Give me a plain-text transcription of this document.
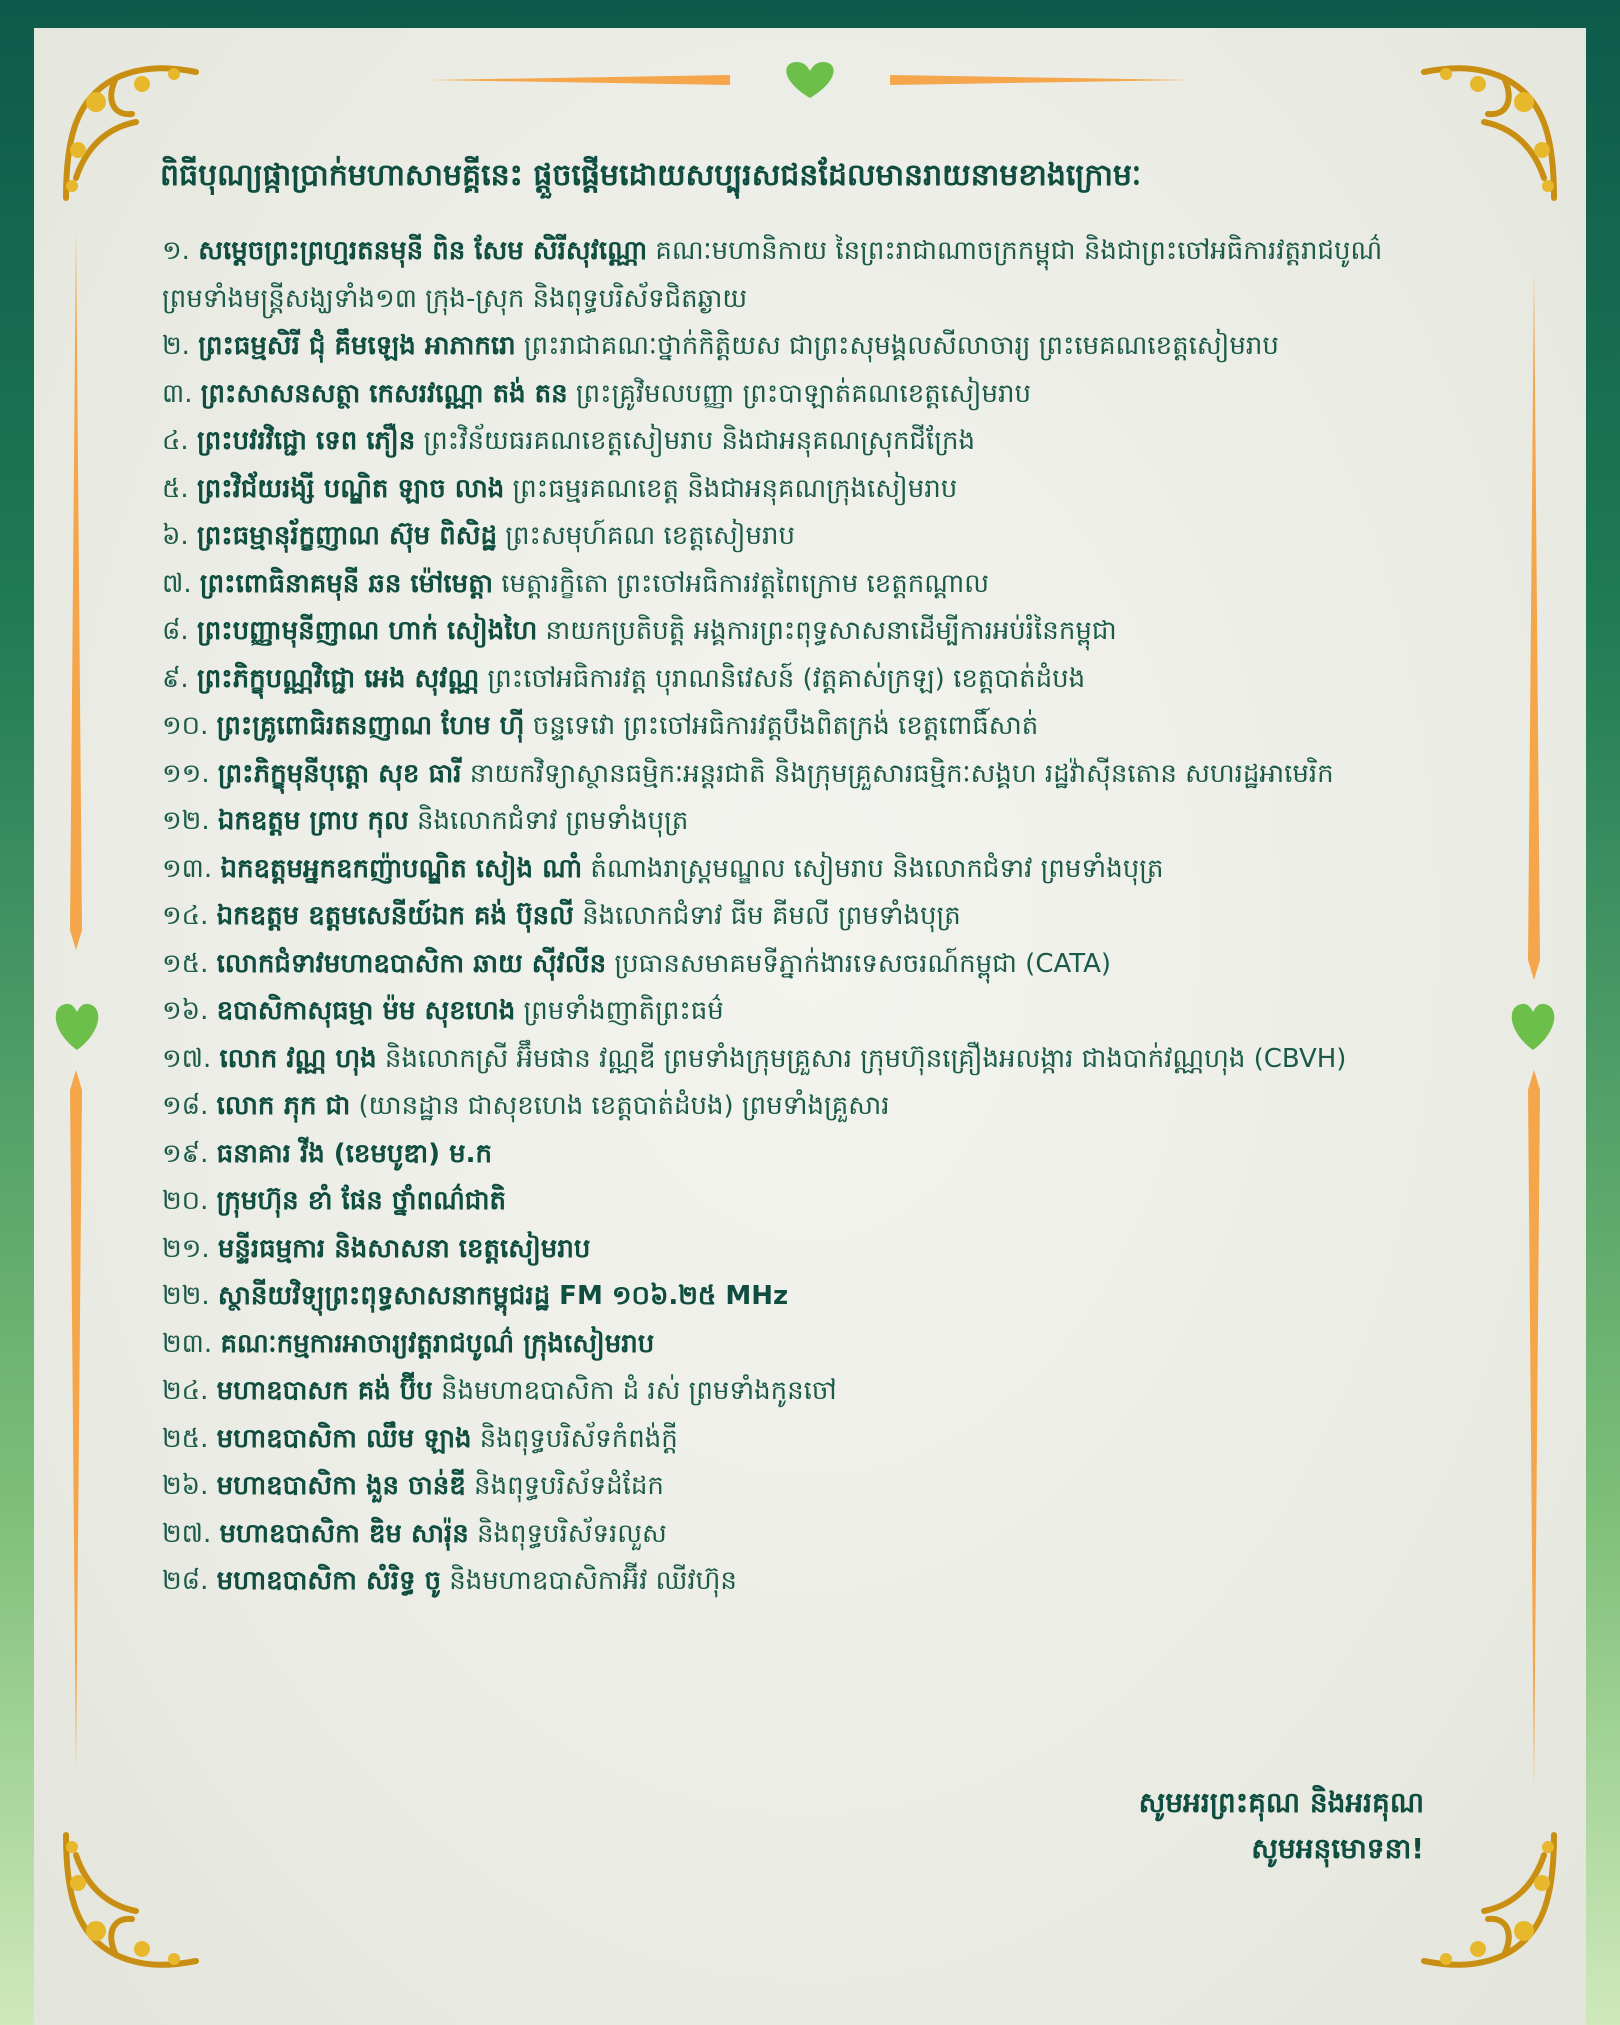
ពិធីបុណ្យផ្កាប្រាក់មហាសាមគ្គីនេះ ផ្តួចផ្តើមដោយសប្បុរសជនដែលមានរាយនាមខាងក្រោមៈ
១. សម្តេចព្រះព្រហ្មរតនមុនី ពិន សែម សិរីសុវណ្ណោ គណៈមហានិកាយ នៃព្រះរាជាណាចក្រកម្ពុជា និងជាព្រះចៅអធិការវត្តរាជបូណ៌ ព្រមទាំងមន្ត្រីសង្ឃទាំង១៣ ក្រុង-ស្រុក និងពុទ្ធបរិស័ទជិតឆ្ងាយ
២. ព្រះធម្មសិរី ជុំ គឹមឡេង អាភាករោ ព្រះរាជាគណៈថ្នាក់កិត្តិយស ជាព្រះសុមង្គលសីលាចារ្យ ព្រះមេគណខេត្តសៀមរាប
៣. ព្រះសាសនសត្ថា កេសរវណ្ណោ តង់ តន ព្រះគ្រូវិមលបញ្ញា ព្រះបាឡាត់គណខេត្តសៀមរាប
៤. ព្រះបវរវិជ្ជោ ទេព ភឿន ព្រះវិន័យធរគណខេត្តសៀមរាប និងជាអនុគណស្រុកជីក្រែង
៥. ព្រះវិជ័យរង្សី បណ្ឌិត ឡាច លាង ព្រះធម្មរគណខេត្ត និងជាអនុគណក្រុងសៀមរាប
៦. ព្រះធម្មានុរ័ក្ខញាណ ស៊ុម ពិសិដ្ឋ ព្រះសមុហ៍គណ ខេត្តសៀមរាប
៧. ព្រះពោធិនាគមុនី ឆន ម៉ៅមេត្តា មេត្តារក្ខិតោ ព្រះចៅអធិការវត្តពៃក្រោម ខេត្តកណ្តាល
៨. ព្រះបញ្ញាមុនីញាណ ហាក់ សៀងហៃ នាយកប្រតិបត្តិ អង្គការព្រះពុទ្ធសាសនាដើម្បីការអប់រំនៃកម្ពុជា
៩. ព្រះភិក្ខុបណ្ណវិជ្ជោ អេង សុវណ្ណ ព្រះចៅអធិការវត្ត បុរាណនិវេសន៍ (វត្តគាស់ក្រឡ) ខេត្តបាត់ដំបង
១០. ព្រះគ្រូពោធិរតនញាណ ហែម ហ៊ី ចន្ទទេវោ ព្រះចៅអធិការវត្តបឹងពិតក្រង់ ខេត្តពោធិ៍សាត់
១១. ព្រះភិក្ខុមុនីបុត្តោ សុខ ធារី នាយកវិទ្យាស្ថានធម្មិកៈអន្តរជាតិ និងក្រុមគ្រួសារធម្មិកៈសង្គហ រដ្ឋវ៉ាស៊ីនតោន សហរដ្ឋអាមេរិក
១២. ឯកឧត្តម ព្រាប កុល និងលោកជំទាវ ព្រមទាំងបុត្រ
១៣. ឯកឧត្តមអ្នកឧកញ៉ាបណ្ឌិត សៀង ណាំ តំណាងរាស្ត្រមណ្ឌល សៀមរាប និងលោកជំទាវ ព្រមទាំងបុត្រ
១៤. ឯកឧត្តម ឧត្តមសេនីយ៍ឯក គង់ ប៊ុនលី និងលោកជំទាវ ធីម គីមលី ព្រមទាំងបុត្រ
១៥. លោកជំទាវមហាឧបាសិកា ឆាយ ស៊ីវលីន ប្រធានសមាគមទីភ្នាក់ងារទេសចរណ៍កម្ពុជា (CATA)
១៦. ឧបាសិកាសុធម្មា ម៉ម សុខហេង ព្រមទាំងញាតិព្រះធម៌
១៧. លោក វណ្ណ ហុង និងលោកស្រី អ៊ឹមផាន វណ្ណឌី ព្រមទាំងក្រុមគ្រួសារ ក្រុមហ៊ុនគ្រឿងអលង្ការ ជាងបាក់វណ្ណហុង (CBVH)
១៨. លោក ភុក ជា (យានដ្ឋាន ជាសុខហេង ខេត្តបាត់ដំបង) ព្រមទាំងគ្រួសារ
១៩. ធនាគារ វីង (ខេមបូឌា) ម.ក
២០. ក្រុមហ៊ុន ខាំ ផែន ថ្នាំពណ៌ជាតិ
២១. មន្ទីរធម្មការ និងសាសនា ខេត្តសៀមរាប
២២. ស្ថានីយវិទ្យុព្រះពុទ្ធសាសនាកម្ពុជរដ្ឋ FM ១០៦.២៥ MHz
២៣. គណៈកម្មការអាចារ្យវត្តរាជបូណ៌ ក្រុងសៀមរាប
២៤. មហាឧបាសក គង់ ប៊ីប និងមហាឧបាសិកា ដំ រស់ ព្រមទាំងកូនចៅ
២៥. មហាឧបាសិកា ឈឹម ឡាង និងពុទ្ធបរិស័ទកំពង់ក្តី
២៦. មហាឧបាសិកា ងួន ចាន់ឌី និងពុទ្ធបរិស័ទដំដែក
២៧. មហាឧបាសិកា ឌិម សារ៉ុន និងពុទ្ធបរិស័ទរលួស
២៨. មហាឧបាសិកា សំរិទ្ធ ចូ និងមហាឧបាសិកាអ៊ីវ ឈីវហ៊ុន
សូមអរព្រះគុណ និងអរគុណ
សូមអនុមោទនា!
